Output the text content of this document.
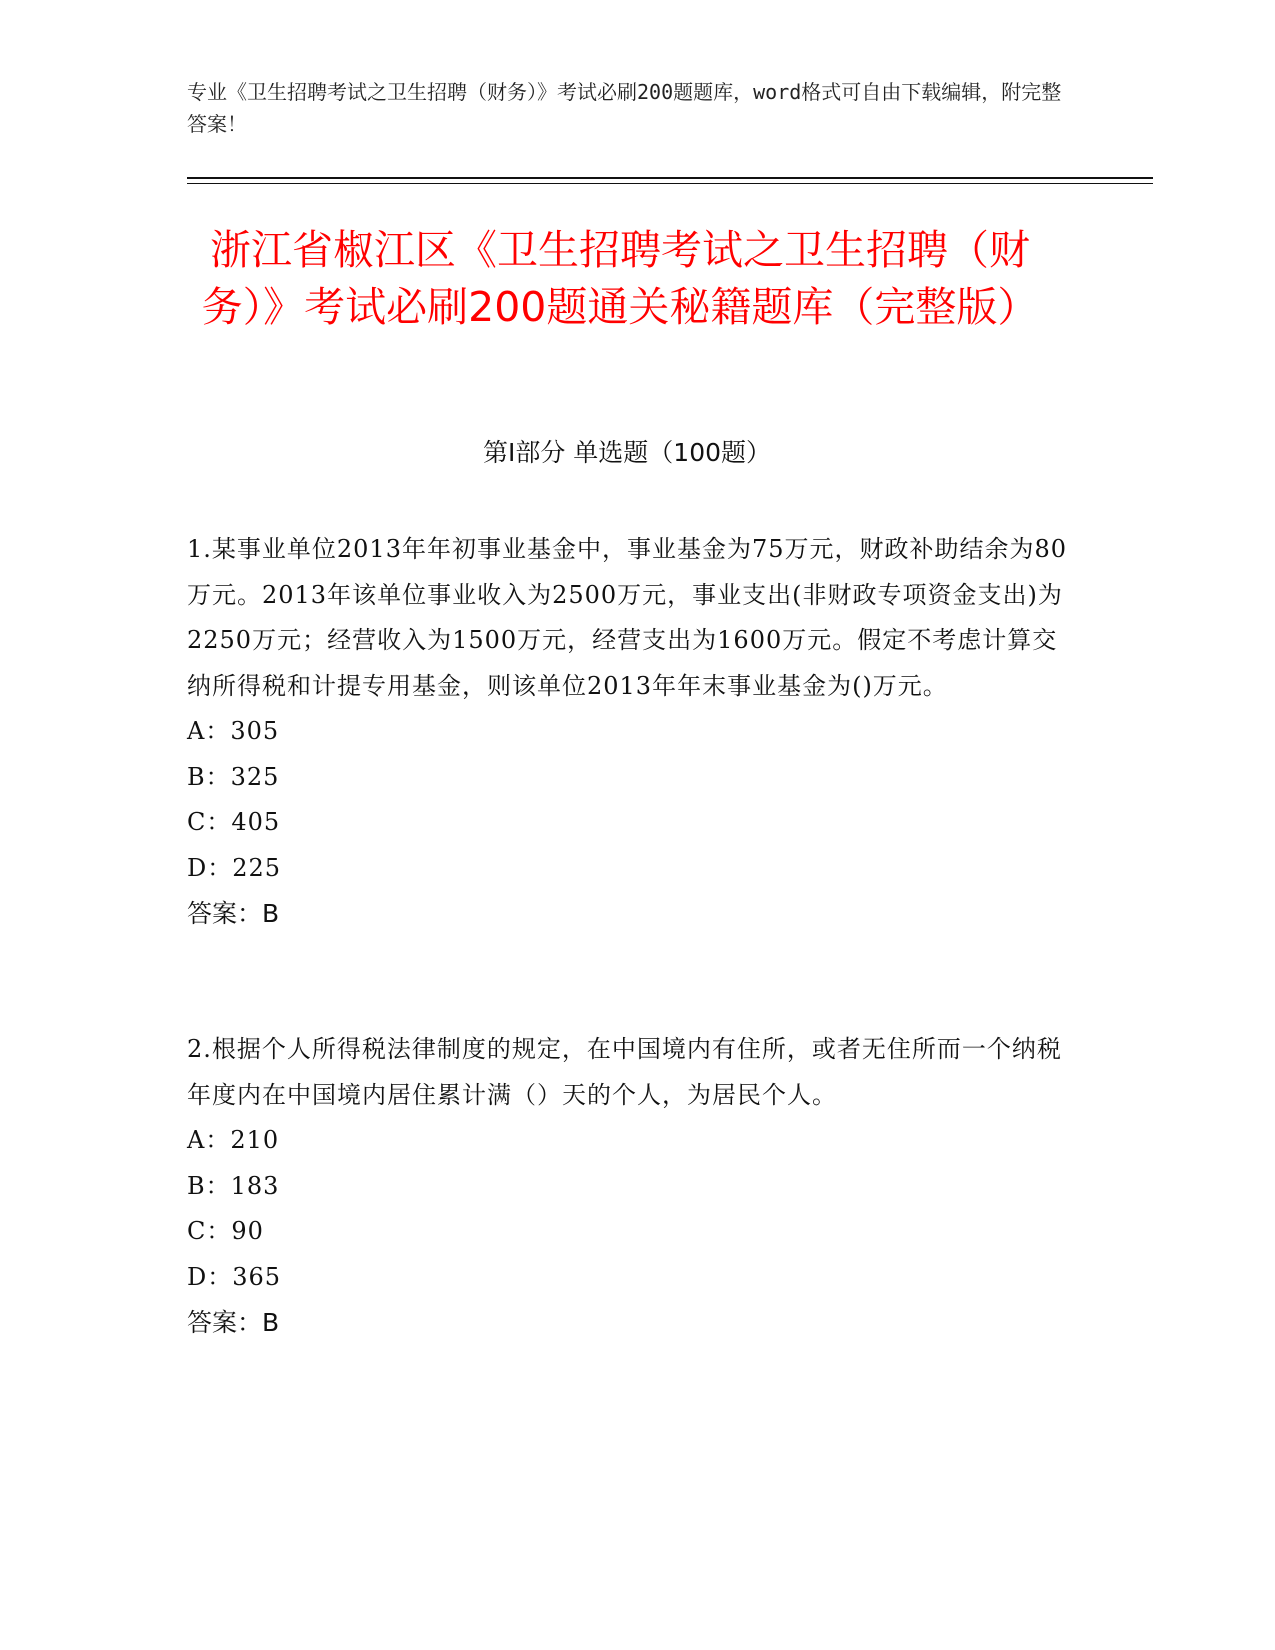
专业《卫生招聘考试之卫生招聘（财务）》考试必刷200题题库，word格式可自由下载编辑，附完整答案！
浙江省椒江区《卫生招聘考试之卫生招聘（财务）》考试必刷200题通关秘籍题库（完整版）
第I部分 单选题（100题）
1.某事业单位2013年年初事业基金中，事业基金为75万元，财政补助结余为80万元。2013年该单位事业收入为2500万元，事业支出(非财政专项资金支出)为2250万元；经营收入为1500万元，经营支出为1600万元。假定不考虑计算交纳所得税和计提专用基金，则该单位2013年年末事业基金为()万元。
A：305
B：325
C：405
D：225
答案：B
2.根据个人所得税法律制度的规定，在中国境内有住所，或者无住所而一个纳税年度内在中国境内居住累计满（）天的个人，为居民个人。
A：210
B：183
C：90
D：365
答案：B
